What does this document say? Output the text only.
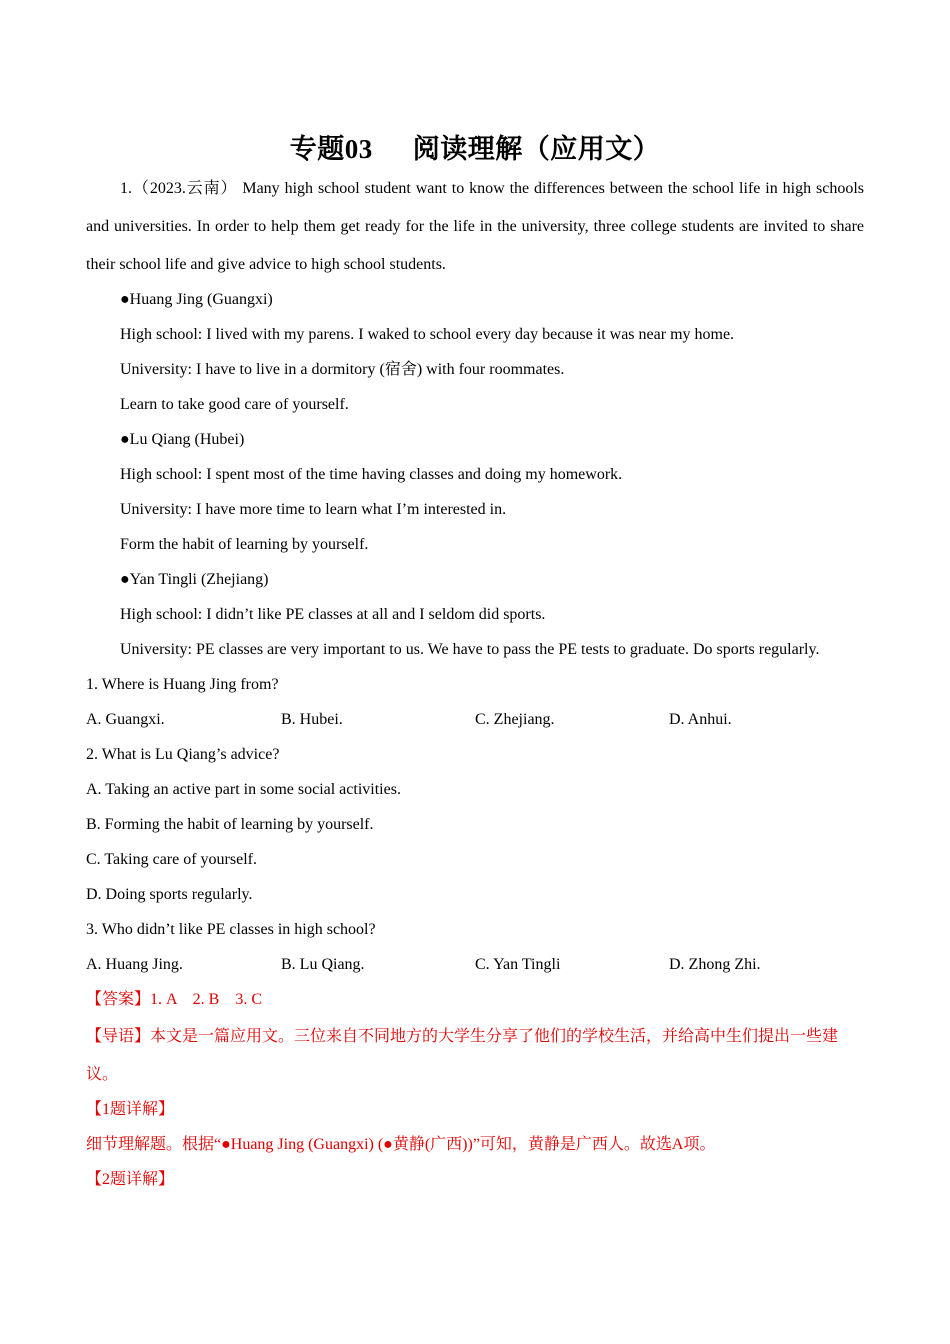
专题03 阅读理解（应用文）
1.（2023.云南） Many high school student want to know the differences between the school life in high schools and universities. In order to help them get ready for the life in the university, three college students are invited to share their school life and give advice to high school students.
●Huang Jing (Guangxi)
High school: I lived with my parens. I waked to school every day because it was near my home.
University: I have to live in a dormitory (宿舍) with four roommates.
Learn to take good care of yourself.
●Lu Qiang (Hubei)
High school: I spent most of the time having classes and doing my homework.
University: I have more time to learn what I’m interested in.
Form the habit of learning by yourself.
●Yan Tingli (Zhejiang)
High school: I didn’t like PE classes at all and I seldom did sports.
University: PE classes are very important to us. We have to pass the PE tests to graduate. Do sports regularly.
1. Where is Huang Jing from?
A. Guangxi.	B. Hubei.	C. Zhejiang.	D. Anhui.
2. What is Lu Qiang’s advice?
A. Taking an active part in some social activities.
B. Forming the habit of learning by yourself.
C. Taking care of yourself.
D. Doing sports regularly.
3. Who didn’t like PE classes in high school?
A. Huang Jing.	B. Lu Qiang.	C. Yan Tingli	D. Zhong Zhi.
【答案】1. A　2. B　3. C
【导语】本文是一篇应用文。三位来自不同地方的大学生分享了他们的学校生活，并给高中生们提出一些建议。
【1题详解】
细节理解题。根据“●Huang Jing (Guangxi) (●黄静(广西))”可知，黄静是广西人。故选A项。
【2题详解】
